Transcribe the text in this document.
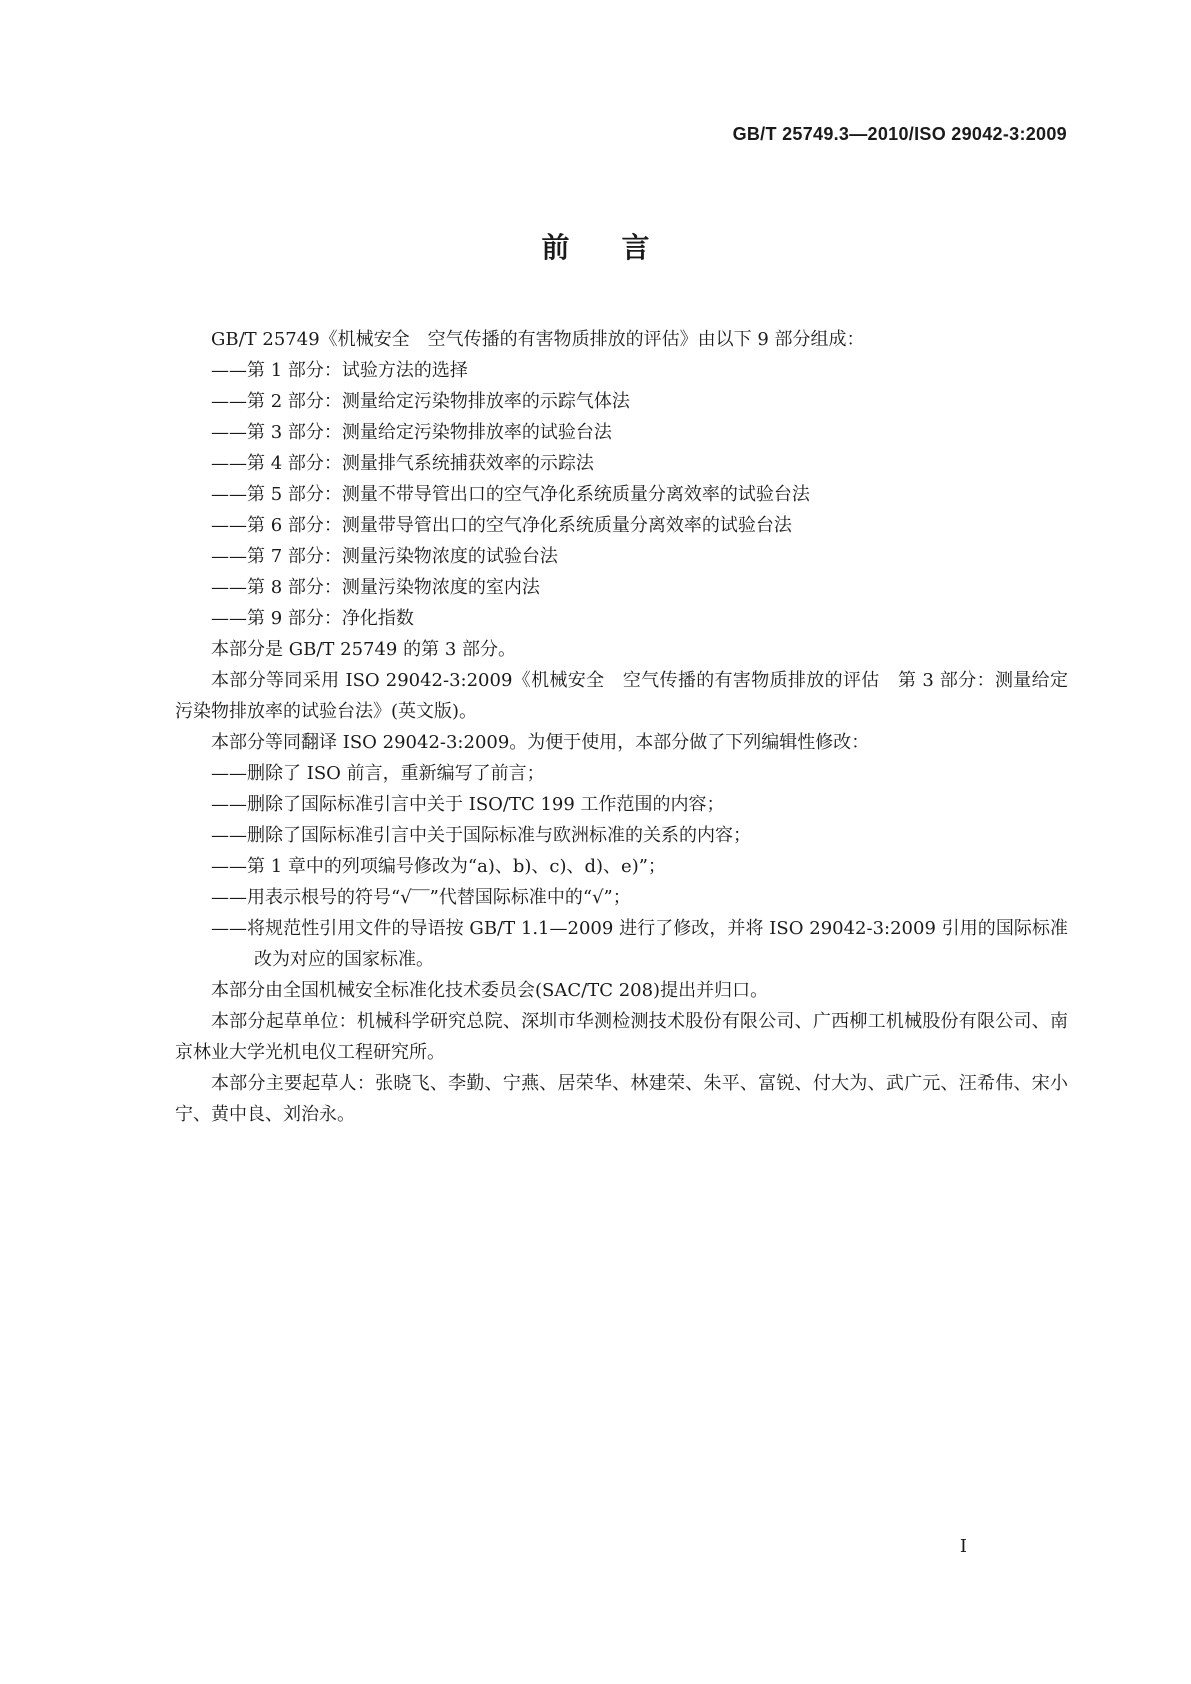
GB/T 25749.3—2010/ISO 29042-3:2009
前言

GB/T 25749《机械安全　空气传播的有害物质排放的评估》由以下 9 部分组成：

——第 1 部分：试验方法的选择

——第 2 部分：测量给定污染物排放率的示踪气体法

——第 3 部分：测量给定污染物排放率的试验台法

——第 4 部分：测量排气系统捕获效率的示踪法

——第 5 部分：测量不带导管出口的空气净化系统质量分离效率的试验台法

——第 6 部分：测量带导管出口的空气净化系统质量分离效率的试验台法

——第 7 部分：测量污染物浓度的试验台法

——第 8 部分：测量污染物浓度的室内法

——第 9 部分：净化指数

本部分是 GB/T 25749 的第 3 部分。

本部分等同采用 ISO 29042-3:2009《机械安全　空气传播的有害物质排放的评估　第 3 部分：测量给定污染物排放率的试验台法》(英文版)。

本部分等同翻译 ISO 29042-3:2009。为便于使用，本部分做了下列编辑性修改：

——删除了 ISO 前言，重新编写了前言；

——删除了国际标准引言中关于 ISO/TC 199 工作范围的内容；

——删除了国际标准引言中关于国际标准与欧洲标准的关系的内容；

——第 1 章中的列项编号修改为“a)、b)、c)、d)、e)”；

——用表示根号的符号“√‾‾”代替国际标准中的“√”；

——将规范性引用文件的导语按 GB/T 1.1—2009 进行了修改，并将 ISO 29042-3:2009 引用的国际标准改为对应的国家标准。

本部分由全国机械安全标准化技术委员会(SAC/TC 208)提出并归口。

本部分起草单位：机械科学研究总院、深圳市华测检测技术股份有限公司、广西柳工机械股份有限公司、南京林业大学光机电仪工程研究所。

本部分主要起草人：张晓飞、李勤、宁燕、居荣华、林建荣、朱平、富锐、付大为、武广元、汪希伟、宋小宁、黄中良、刘治永。

I
